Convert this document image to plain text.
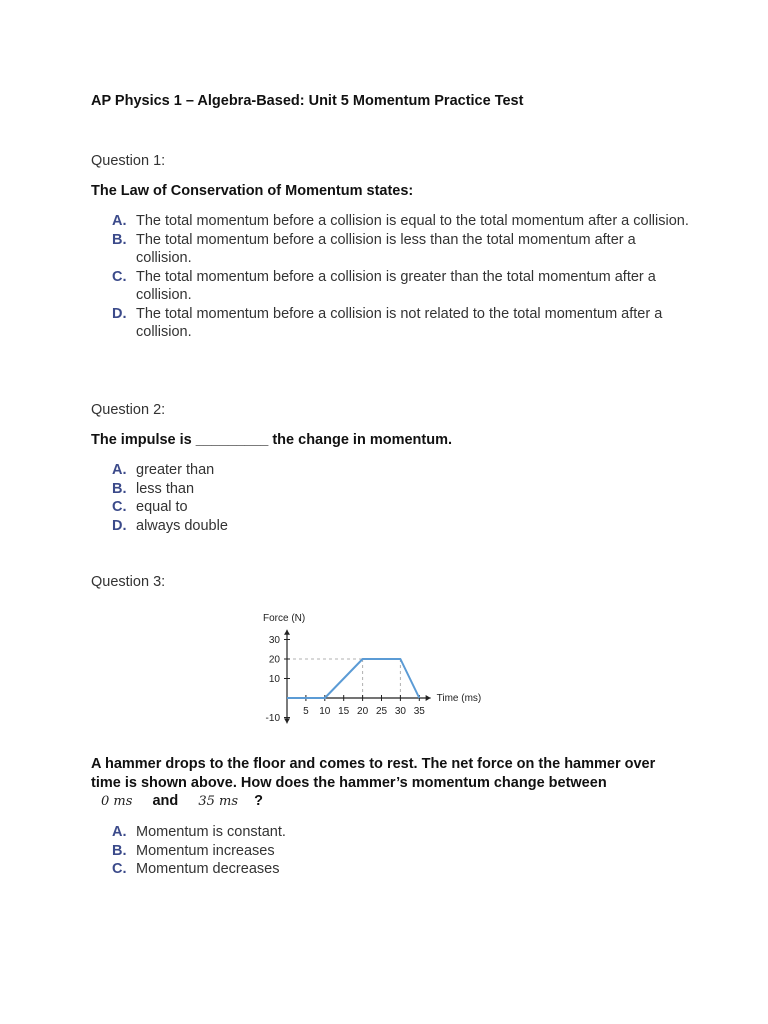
AP Physics 1 – Algebra-Based: Unit 5 Momentum Practice Test
Question 1:
The Law of Conservation of Momentum states:
A. The total momentum before a collision is equal to the total momentum after a collision.
B. The total momentum before a collision is less than the total momentum after a collision.
C. The total momentum before a collision is greater than the total momentum after a collision.
D. The total momentum before a collision is not related to the total momentum after a collision.
Question 2:
The impulse is _________ the change in momentum.
A. greater than
B. less than
C. equal to
D. always double
Question 3:
30
20
10
-10
5 10 15 20 25 30 35
Force (N)
Time (ms)
A hammer drops to the floor and comes to rest. The net force on the hammer over
time is shown above. How does the hammer’s momentum change between
0 ms and 35 ms ?
A. Momentum is constant.
B. Momentum increases
C. Momentum decreases
